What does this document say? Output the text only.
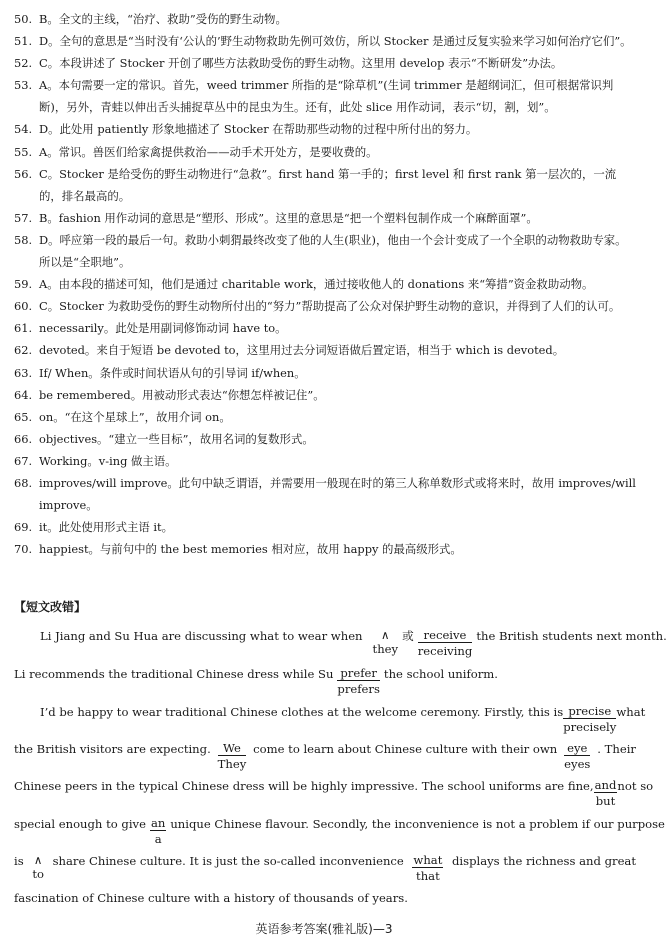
50. B。全文的主线，“治疗、救助”受伤的野生动物。
51. D。全句的意思是“当时没有‘公认的’野生动物救助先例可效仿，所以 Stocker 是通过反复实验来学习如何治疗它们”。
52. C。本段讲述了 Stocker 开创了哪些方法救助受伤的野生动物。这里用 develop 表示“不断研发”办法。
53. A。本句需要一定的常识。首先，weed trimmer 所指的是“除草机”(生词 trimmer 是超纲词汇，但可根据常识判断)，另外，青蛙以伸出舌头捕捉草丛中的昆虫为生。还有，此处 slice 用作动词，表示“切，割，划”。
54. D。此处用 patiently 形象地描述了 Stocker 在帮助那些动物的过程中所付出的努力。
55. A。常识。兽医们给家禽提供救治——动手术开处方，是要收费的。
56. C。Stocker 是给受伤的野生动物进行“急救”。first hand 第一手的；first level 和 first rank 第一层次的，一流的，排名最高的。
57. B。fashion 用作动词的意思是“塑形、形成”。这里的意思是“把一个塑料包制作成一个麻醉面罩”。
58. D。呼应第一段的最后一句。救助小刺猬最终改变了他的人生(职业)，他由一个会计变成了一个全职的动物救助专家。所以是“全职地”。
59. A。由本段的描述可知，他们是通过 charitable work，通过接收他人的 donations 来“筹措”资金救助动物。
60. C。Stocker 为救助受伤的野生动物所付出的“努力”帮助提高了公众对保护野生动物的意识，并得到了人们的认可。
61. necessarily。此处是用副词修饰动词 have to。
62. devoted。来自于短语 be devoted to，这里用过去分词短语做后置定语，相当于 which is devoted。
63. If/ When。条件或时间状语从句的引导词 if/when。
64. be remembered。用被动形式表达“你想怎样被记住”。
65. on。“在这个星球上”，故用介词 on。
66. objectives。“建立一些目标”，故用名词的复数形式。
67. Working。v-ing 做主语。
68. improves/will improve。此句中缺乏谓语，并需要用一般现在时的第三人称单数形式或将来时，故用 improves/will improve。
69. it。此处使用形式主语 it。
70. happiest。与前句中的 the best memories 相对应，故用 happy 的最高级形式。
【短文改错】
Li Jiang and Su Hua are discussing what to wear when	∧
they
或 receive
receiving
the British students next month.
Li recommends the traditional Chinese dress while Su prefer
prefers
the school uniform.
I’d be happy to wear traditional Chinese clothes at the welcome ceremony. Firstly, this is precise
precisely
what
the British visitors are expecting.	We
They
come to learn about Chinese culture with their own eye
eyes
. Their
Chinese peers in the typical Chinese dress will be highly impressive. The school uniforms are fine, and
but
not so
special enough to give an
a
unique Chinese flavour. Secondly, the inconvenience is not a problem if our purpose
is ∧
to
share Chinese culture. It is just the so-called inconvenience what
that
displays the richness and great
fascination of Chinese culture with a history of thousands of years.
英语参考答案(雅礼版)—3
